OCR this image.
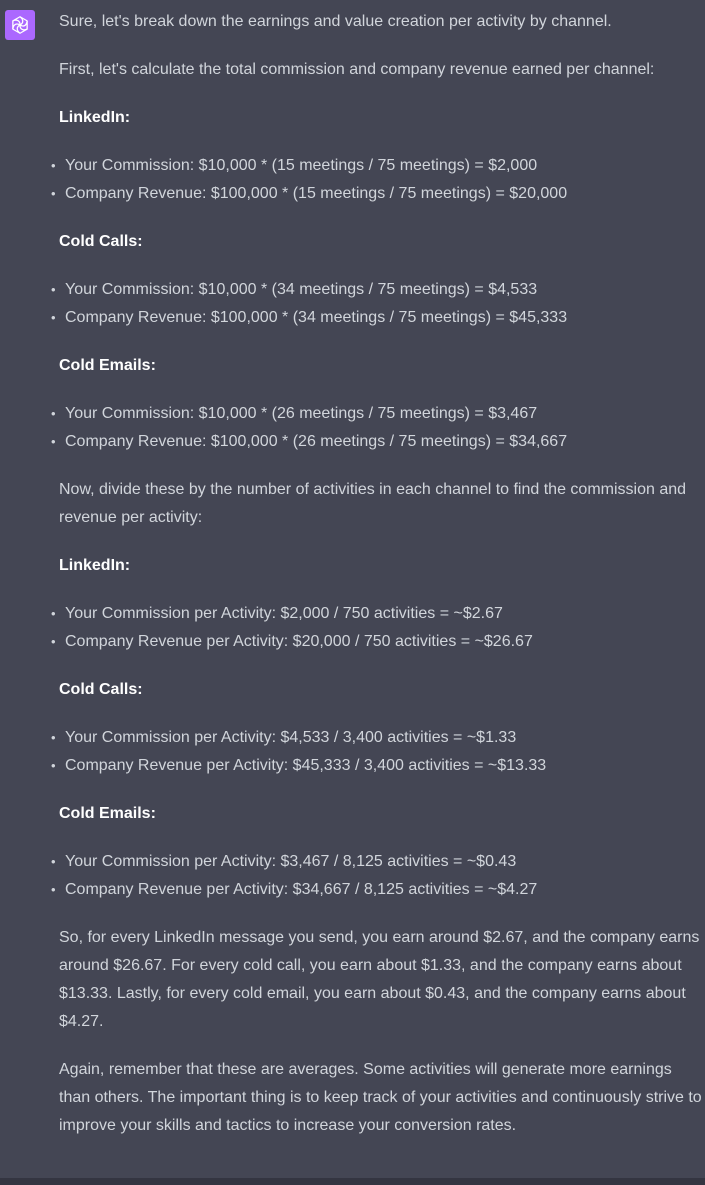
Sure, let's break down the earnings and value creation per activity by channel.

First, let's calculate the total commission and company revenue earned per channel:

LinkedIn:

• Your Commission: $10,000 * (15 meetings / 75 meetings) = $2,000
• Company Revenue: $100,000 * (15 meetings / 75 meetings) = $20,000

Cold Calls:

• Your Commission: $10,000 * (34 meetings / 75 meetings) = $4,533
• Company Revenue: $100,000 * (34 meetings / 75 meetings) = $45,333

Cold Emails:

• Your Commission: $10,000 * (26 meetings / 75 meetings) = $3,467
• Company Revenue: $100,000 * (26 meetings / 75 meetings) = $34,667

Now, divide these by the number of activities in each channel to find the commission and revenue per activity:

LinkedIn:

• Your Commission per Activity: $2,000 / 750 activities = ~$2.67
• Company Revenue per Activity: $20,000 / 750 activities = ~$26.67

Cold Calls:

• Your Commission per Activity: $4,533 / 3,400 activities = ~$1.33
• Company Revenue per Activity: $45,333 / 3,400 activities = ~$13.33

Cold Emails:

• Your Commission per Activity: $3,467 / 8,125 activities = ~$0.43
• Company Revenue per Activity: $34,667 / 8,125 activities = ~$4.27

So, for every LinkedIn message you send, you earn around $2.67, and the company earns around $26.67. For every cold call, you earn about $1.33, and the company earns about $13.33. Lastly, for every cold email, you earn about $0.43, and the company earns about $4.27.

Again, remember that these are averages. Some activities will generate more earnings than others. The important thing is to keep track of your activities and continuously strive to improve your skills and tactics to increase your conversion rates.
